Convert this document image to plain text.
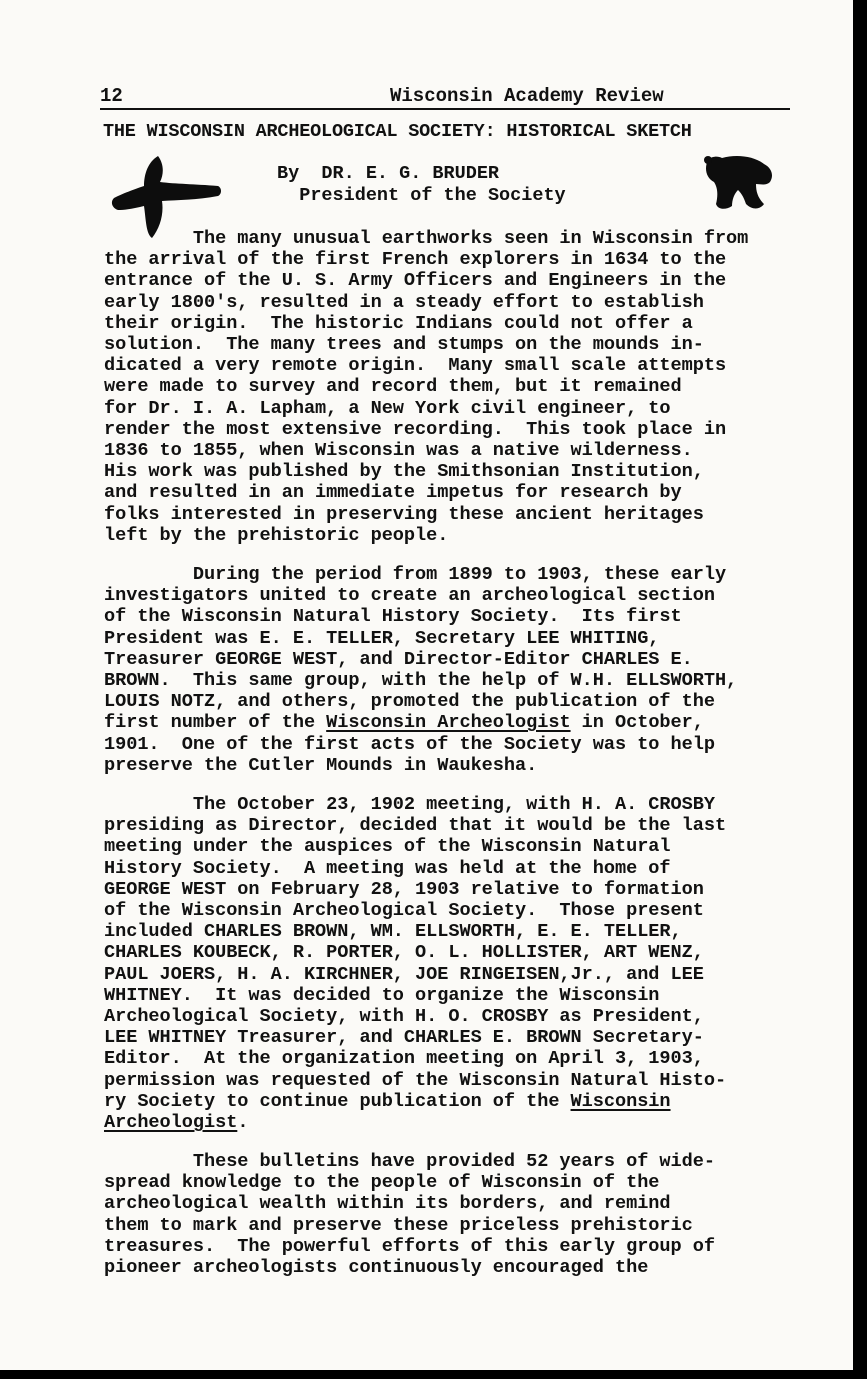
12	Wisconsin Academy Review
THE WISCONSIN ARCHEOLOGICAL SOCIETY: HISTORICAL SKETCH
By  DR. E. G. BRUDER
President of the Society
The many unusual earthworks seen in Wisconsin from
the arrival of the first French explorers in 1634 to the
entrance of the U. S. Army Officers and Engineers in the
early 1800's, resulted in a steady effort to establish
their origin.  The historic Indians could not offer a
solution.  The many trees and stumps on the mounds in-
dicated a very remote origin.  Many small scale attempts
were made to survey and record them, but it remained
for Dr. I. A. Lapham, a New York civil engineer, to
render the most extensive recording.  This took place in
1836 to 1855, when Wisconsin was a native wilderness.
His work was published by the Smithsonian Institution,
and resulted in an immediate impetus for research by
folks interested in preserving these ancient heritages
left by the prehistoric people.
During the period from 1899 to 1903, these early
investigators united to create an archeological section
of the Wisconsin Natural History Society.  Its first
President was E. E. TELLER, Secretary LEE WHITING,
Treasurer GEORGE WEST, and Director-Editor CHARLES E.
BROWN.  This same group, with the help of W.H. ELLSWORTH,
LOUIS NOTZ, and others, promoted the publication of the
first number of the Wisconsin Archeologist in October,
1901.  One of the first acts of the Society was to help
preserve the Cutler Mounds in Waukesha.
The October 23, 1902 meeting, with H. A. CROSBY
presiding as Director, decided that it would be the last
meeting under the auspices of the Wisconsin Natural
History Society.  A meeting was held at the home of
GEORGE WEST on February 28, 1903 relative to formation
of the Wisconsin Archeological Society.  Those present
included CHARLES BROWN, WM. ELLSWORTH, E. E. TELLER,
CHARLES KOUBECK, R. PORTER, O. L. HOLLISTER, ART WENZ,
PAUL JOERS, H. A. KIRCHNER, JOE RINGEISEN,Jr., and LEE
WHITNEY.  It was decided to organize the Wisconsin
Archeological Society, with H. O. CROSBY as President,
LEE WHITNEY Treasurer, and CHARLES E. BROWN Secretary-
Editor.  At the organization meeting on April 3, 1903,
permission was requested of the Wisconsin Natural Histo-
ry Society to continue publication of the Wisconsin
Archeologist.
These bulletins have provided 52 years of wide-
spread knowledge to the people of Wisconsin of the
archeological wealth within its borders, and remind
them to mark and preserve these priceless prehistoric
treasures.  The powerful efforts of this early group of
pioneer archeologists continuously encouraged the
